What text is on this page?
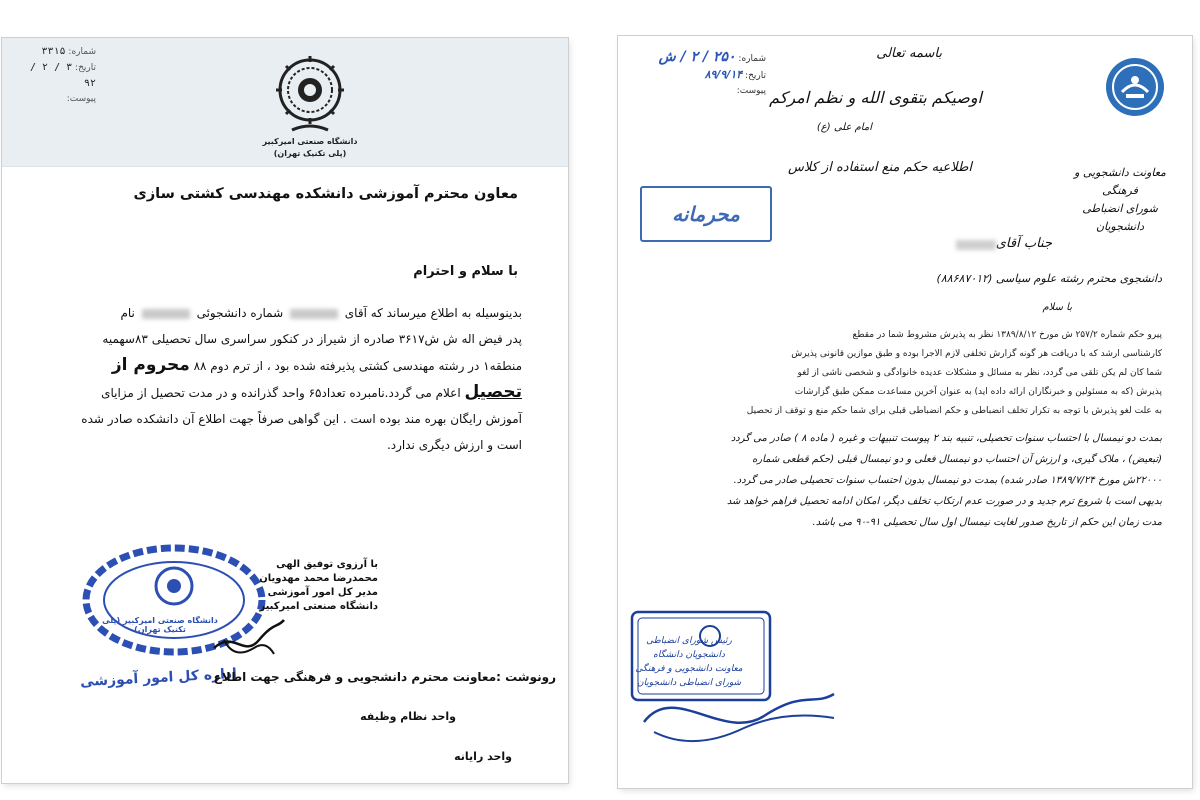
شماره: ۳۳۱۵
تاریخ: ۳ / ۲ /۹۲
پیوست:
دانشگاه صنعتی امیرکبیر
(پلی تکنیک تهران)
معاون محترم آموزشی دانشکده مهندسی کشتی سازی
با سلام و احترام
بدینوسیله به اطلاع میرساند که آقای  شماره دانشجوئی  نام
پدر فیض اله ش ش۳۶۱۷ صادره از شیراز در کنکور سراسری سال تحصیلی ۸۳سهمیه
منطقه۱ در رشته مهندسی کشتی پذیرفته شده بود ، از ترم دوم ۸۸ محروم از
تحصیل اعلام می گردد.نامبرده تعداد۶۵ واحد گذرانده و در مدت تحصیل از مزایای
آموزش رایگان بهره مند بوده است . این گواهی صرفاً جهت اطلاع آن دانشکده صادر شده
است و ارزش دیگری ندارد.
دانشگاه صنعتی امیرکبیر (پلی تکنیک تهران)
اداره کل امور آموزشی
با آرزوی توفیق الهی
محمدرضا محمد مهدویان
مدیر کل امور آموزشی
دانشگاه صنعتی امیرکبیر
رونوشت :معاونت محترم دانشجویی و فرهنگی جهت اطلاع
واحد نظام وظیفه
واحد رایانه
شماره: ۲۵۰ / ۲ / ش
تاریخ: ۸۹/۹/۱۴
پیوست:
باسمه تعالی
اوصیکم بتقوی الله و نظم امرکم
امام علی (ع)
اطلاعیه حکم منع استفاده از کلاس	معاونت دانشجویی و فرهنگی
شورای انضباطی دانشجویان
محرمانه
جناب آقای
دانشجوی محترم رشته علوم سیاسی (۸۸۶۸۷۰۱۲)
با سلام
پیرو حکم شماره ۲۵۷/۲ ش مورخ ۱۳۸۹/۸/۱۲ نظر به پذیرش مشروط شما در مقطع
کارشناسی ارشد که با دریافت هر گونه گزارش تخلفی لازم الاجرا بوده و طبق موازین قانونی پذیرش
شما کان لم یکن تلقی می گردد، نظر به مسائل و مشکلات عدیده خانوادگی و شخصی ناشی از لغو
پذیرش (که به مسئولین و خبرنگاران ارائه داده اید) به عنوان آخرین مساعدت ممکن طبق گزارشات
به علت لغو پذیرش با توجه به تکرار تخلف انضباطی و حکم انضباطی قبلی برای شما حکم منع و توقف از تحصیل
بمدت دو نیمسال با احتساب سنوات تحصیلی، تنبیه بند ۲ پیوست تنبیهات و غیره ( ماده ۸ ) صادر می گردد
(تبعیض) ، ملاک گیری، و ارزش آن احتساب دو نیمسال فعلی و دو نیمسال قبلی (حکم قطعی شماره
۲۲۰۰۰ش مورخ ۱۳۸۹/۷/۲۴ صادر شده) بمدت دو نیمسال بدون احتساب سنوات تحصیلی صادر می گردد.
بدیهی است با شروع ترم جدید و در صورت عدم ارتکاب تخلف دیگر، امکان ادامه تحصیل فراهم خواهد شد
مدت زمان این حکم از تاریخ صدور لغایت نیمسال اول سال تحصیلی ۹۱-۹۰ می باشد.
رئیس شورای انضباطی دانشجویان دانشگاه
معاونت دانشجویی و فرهنگی
شورای انضباطی دانشجویان
